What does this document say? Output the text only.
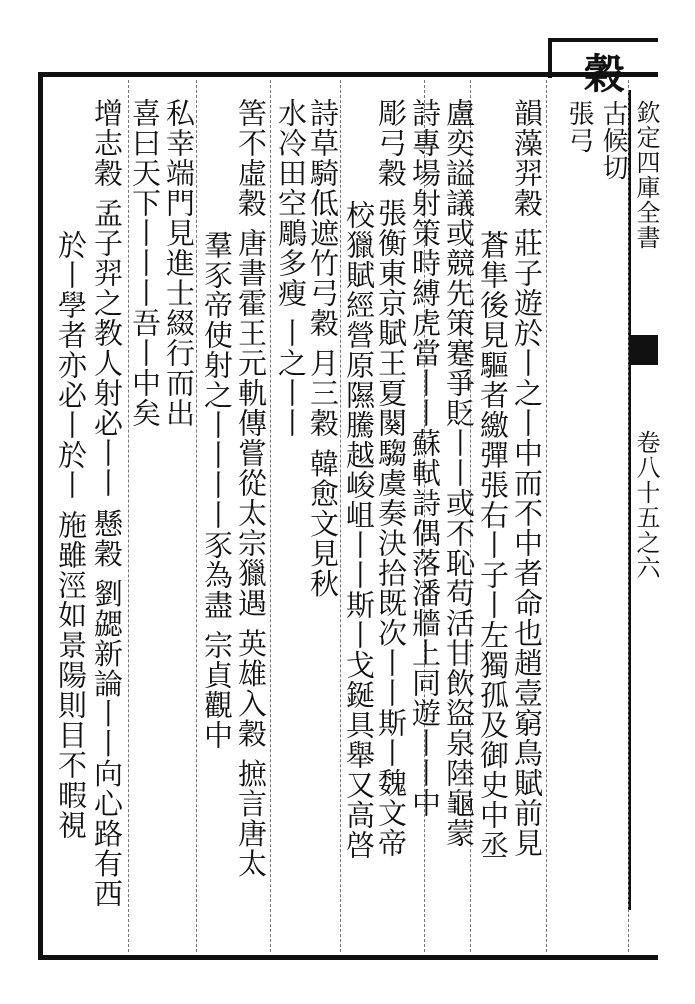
穀
古候切
張弓 欽定四庫全書
卷八十五之六
韻藻羿穀 莊子遊於丨之丨中而不中者命也趙壹窮鳥賦前見
蒼隼後見驅者繳彈張右丨子丨左獨孤及御史中丞
盧奕謚議或競先策蹇爭貶丨丨或不恥苟活甘飲盜泉陸龜蒙
詩專場射策時縛虎當丨丨蘇軾詩偶落潘牆上同遊丨丨中
彫弓穀 張衡東京賦王夏闋騶虞奏決拾既次丨丨斯丨魏文帝
校獵賦經營原隰騰越峻岨丨丨斯丨戈鋋具舉又高啓
詩草騎低遮竹弓穀 月三穀 韓愈文見秋
水冷田空鵰多瘦 丨之丨丨
筈不虛穀 唐書霍王元軌傳嘗從太宗獵遇 英雄入穀 摭言唐太
羣豕帝使射之丨丨丨丨豕為盡 宗貞觀中
私幸端門見進士綴行而出
喜曰天下丨丨丨吾丨中矣
增志穀 孟子羿之教人射必丨丨 懸穀 劉勰新論丨丨向心路有西
於丨學者亦必丨於丨 施雖涇如景陽則目不暇視
